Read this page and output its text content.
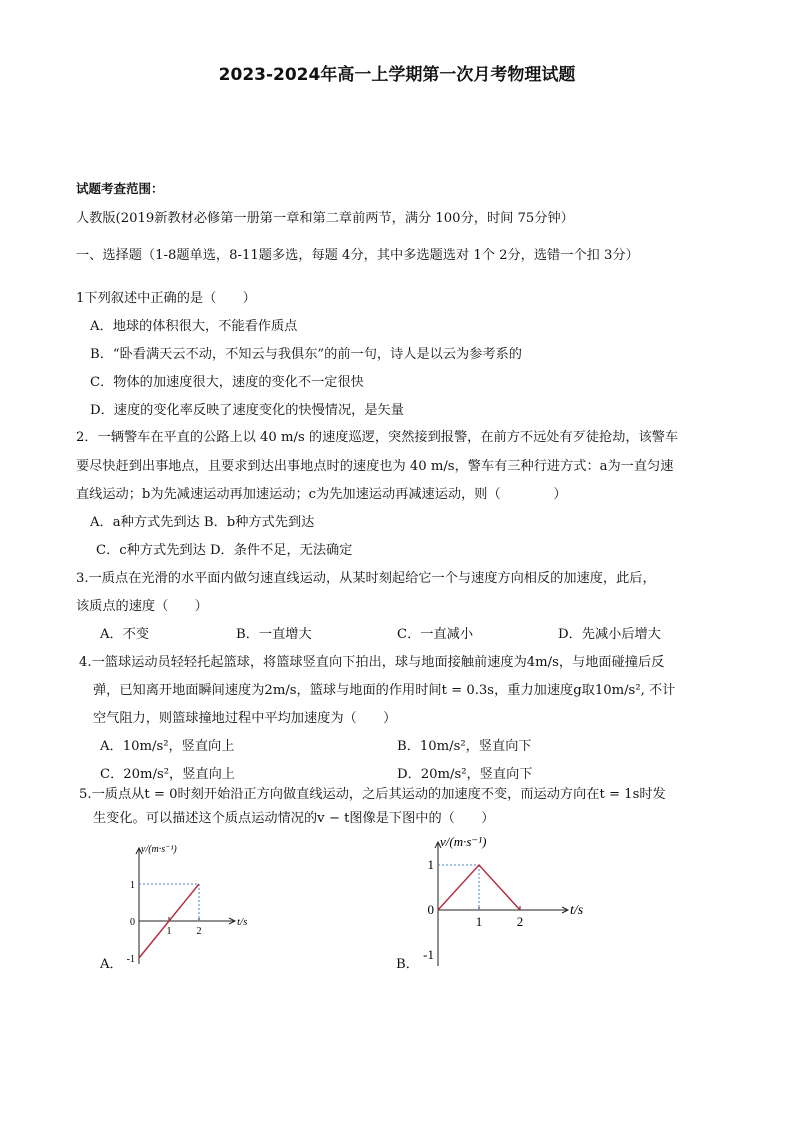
2023-2024年高一上学期第一次月考物理试题
试题考查范围：
人教版(2019新教材必修第一册第一章和第二章前两节，满分 100分，时间 75分钟）
一、选择题（1-8题单选，8-11题多选，每题 4分，其中多选题选对 1个 2分，选错一个扣 3分）
1下列叙述中正确的是（　　）
A．地球的体积很大，不能看作质点
B．“卧看满天云不动，不知云与我俱东”的前一句，诗人是以云为参考系的
C．物体的加速度很大，速度的变化不一定很快
D．速度的变化率反映了速度变化的快慢情况，是矢量
2．一辆警车在平直的公路上以 40 m/s 的速度巡逻，突然接到报警，在前方不远处有歹徒抢劫，该警车
要尽快赶到出事地点，且要求到达出事地点时的速度也为 40 m/s，警车有三种行进方式：a为一直匀速
直线运动；b为先减速运动再加速运动；c为先加速运动再减速运动，则（　　　　）
A．a种方式先到达 B．b种方式先到达
C．c种方式先到达 D．条件不足，无法确定
3.一质点在光滑的水平面内做匀速直线运动，从某时刻起给它一个与速度方向相反的加速度，此后，
该质点的速度（　　）
A．不变	B．一直增大	C．一直减小	D．先减小后增大
4.一篮球运动员轻轻托起篮球，将篮球竖直向下拍出，球与地面接触前速度为4m/s，与地面碰撞后反
弹，已知离开地面瞬间速度为2m/s，篮球与地面的作用时间t = 0.3s，重力加速度g取10m/s², 不计
空气阻力，则篮球撞地过程中平均加速度为（　　）
A．10m/s²，竖直向上	B．10m/s²，竖直向下
C．20m/s²，竖直向上	D．20m/s²，竖直向下
5.一质点从t = 0时刻开始沿正方向做直线运动，之后其运动的加速度不变，而运动方向在t = 1s时发
生变化。可以描述这个质点运动情况的v − t图像是下图中的（　　）
A．	B．
v/(m·s⁻¹)
t/s
1
0
-1
1	2
v/(m·s⁻¹)
t/s
1
0
-1
1	2
